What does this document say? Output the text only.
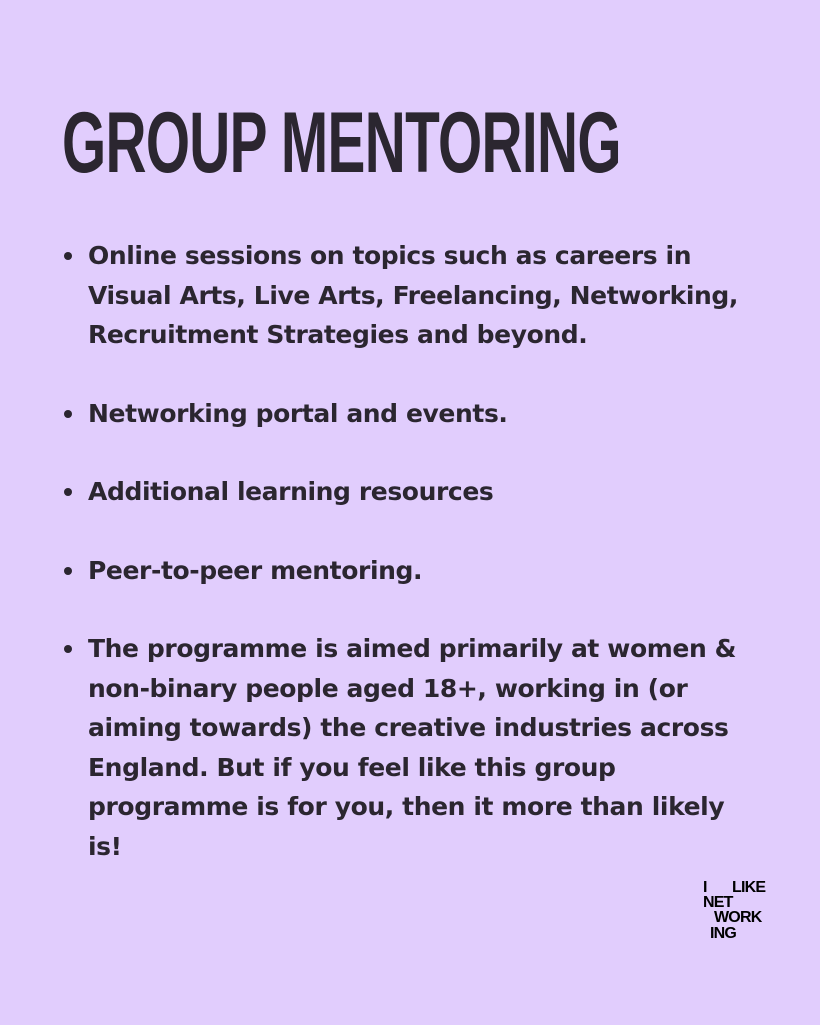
GROUP MENTORING
Online sessions on topics such as careers in
Visual Arts, Live Arts, Freelancing, Networking,
Recruitment Strategies and beyond.
Networking portal and events.
Additional learning resources
Peer-to-peer mentoring.
The programme is aimed primarily at women &
non-binary people aged 18+, working in (or
aiming towards) the creative industries across
England. But if you feel like this group
programme is for you, then it more than likely
is!
I LIKE
NET
WORK
ING
